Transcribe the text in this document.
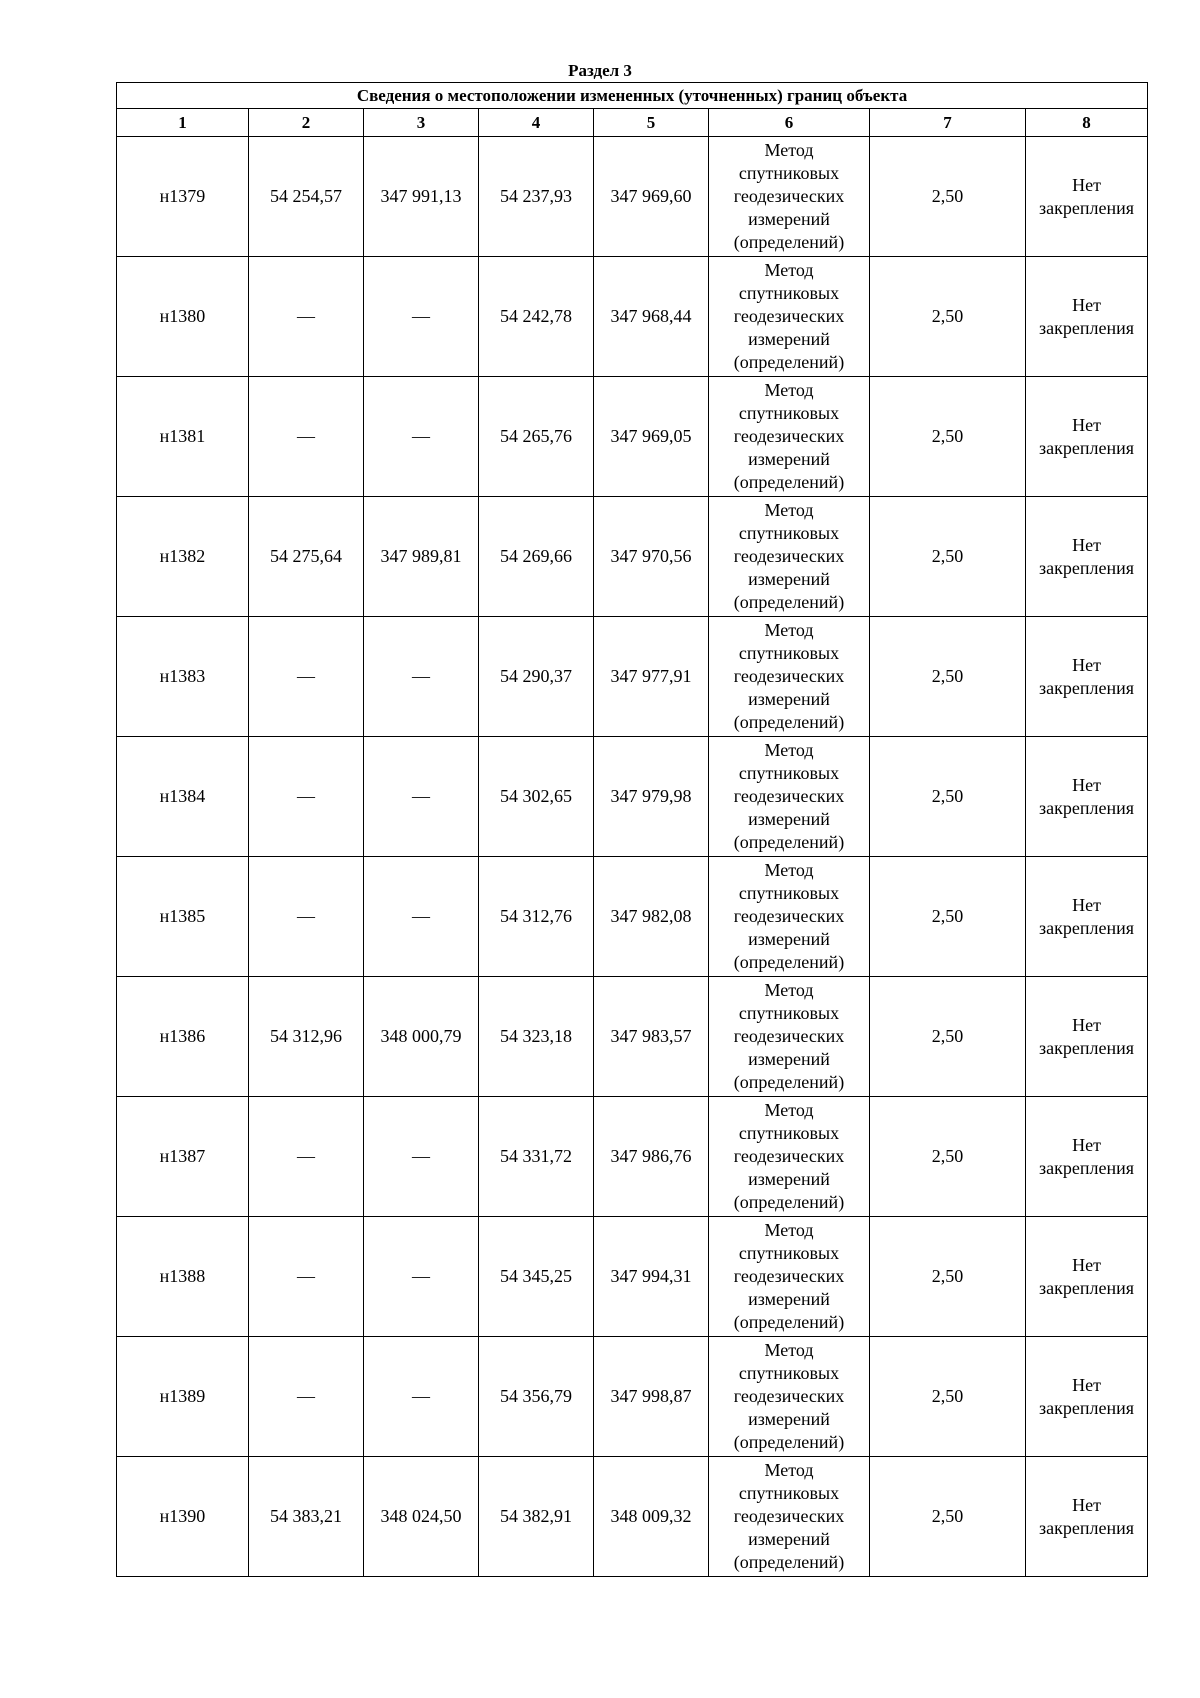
Раздел 3
Сведения о местоположении измененных (уточненных) границ объекта							
1	2	3	4	5	6	7	8
н1379	54 254,57	347 991,13	54 237,93	347 969,60	Метод спутниковых геодезических измерений (определений)	2,50	Нет закрепления
н1380	—	—	54 242,78	347 968,44	Метод спутниковых геодезических измерений (определений)	2,50	Нет закрепления
н1381	—	—	54 265,76	347 969,05	Метод спутниковых геодезических измерений (определений)	2,50	Нет закрепления
н1382	54 275,64	347 989,81	54 269,66	347 970,56	Метод спутниковых геодезических измерений (определений)	2,50	Нет закрепления
н1383	—	—	54 290,37	347 977,91	Метод спутниковых геодезических измерений (определений)	2,50	Нет закрепления
н1384	—	—	54 302,65	347 979,98	Метод спутниковых геодезических измерений (определений)	2,50	Нет закрепления
н1385	—	—	54 312,76	347 982,08	Метод спутниковых геодезических измерений (определений)	2,50	Нет закрепления
н1386	54 312,96	348 000,79	54 323,18	347 983,57	Метод спутниковых геодезических измерений (определений)	2,50	Нет закрепления
н1387	—	—	54 331,72	347 986,76	Метод спутниковых геодезических измерений (определений)	2,50	Нет закрепления
н1388	—	—	54 345,25	347 994,31	Метод спутниковых геодезических измерений (определений)	2,50	Нет закрепления
н1389	—	—	54 356,79	347 998,87	Метод спутниковых геодезических измерений (определений)	2,50	Нет закрепления
н1390	54 383,21	348 024,50	54 382,91	348 009,32	Метод спутниковых геодезических измерений (определений)	2,50	Нет закрепления
